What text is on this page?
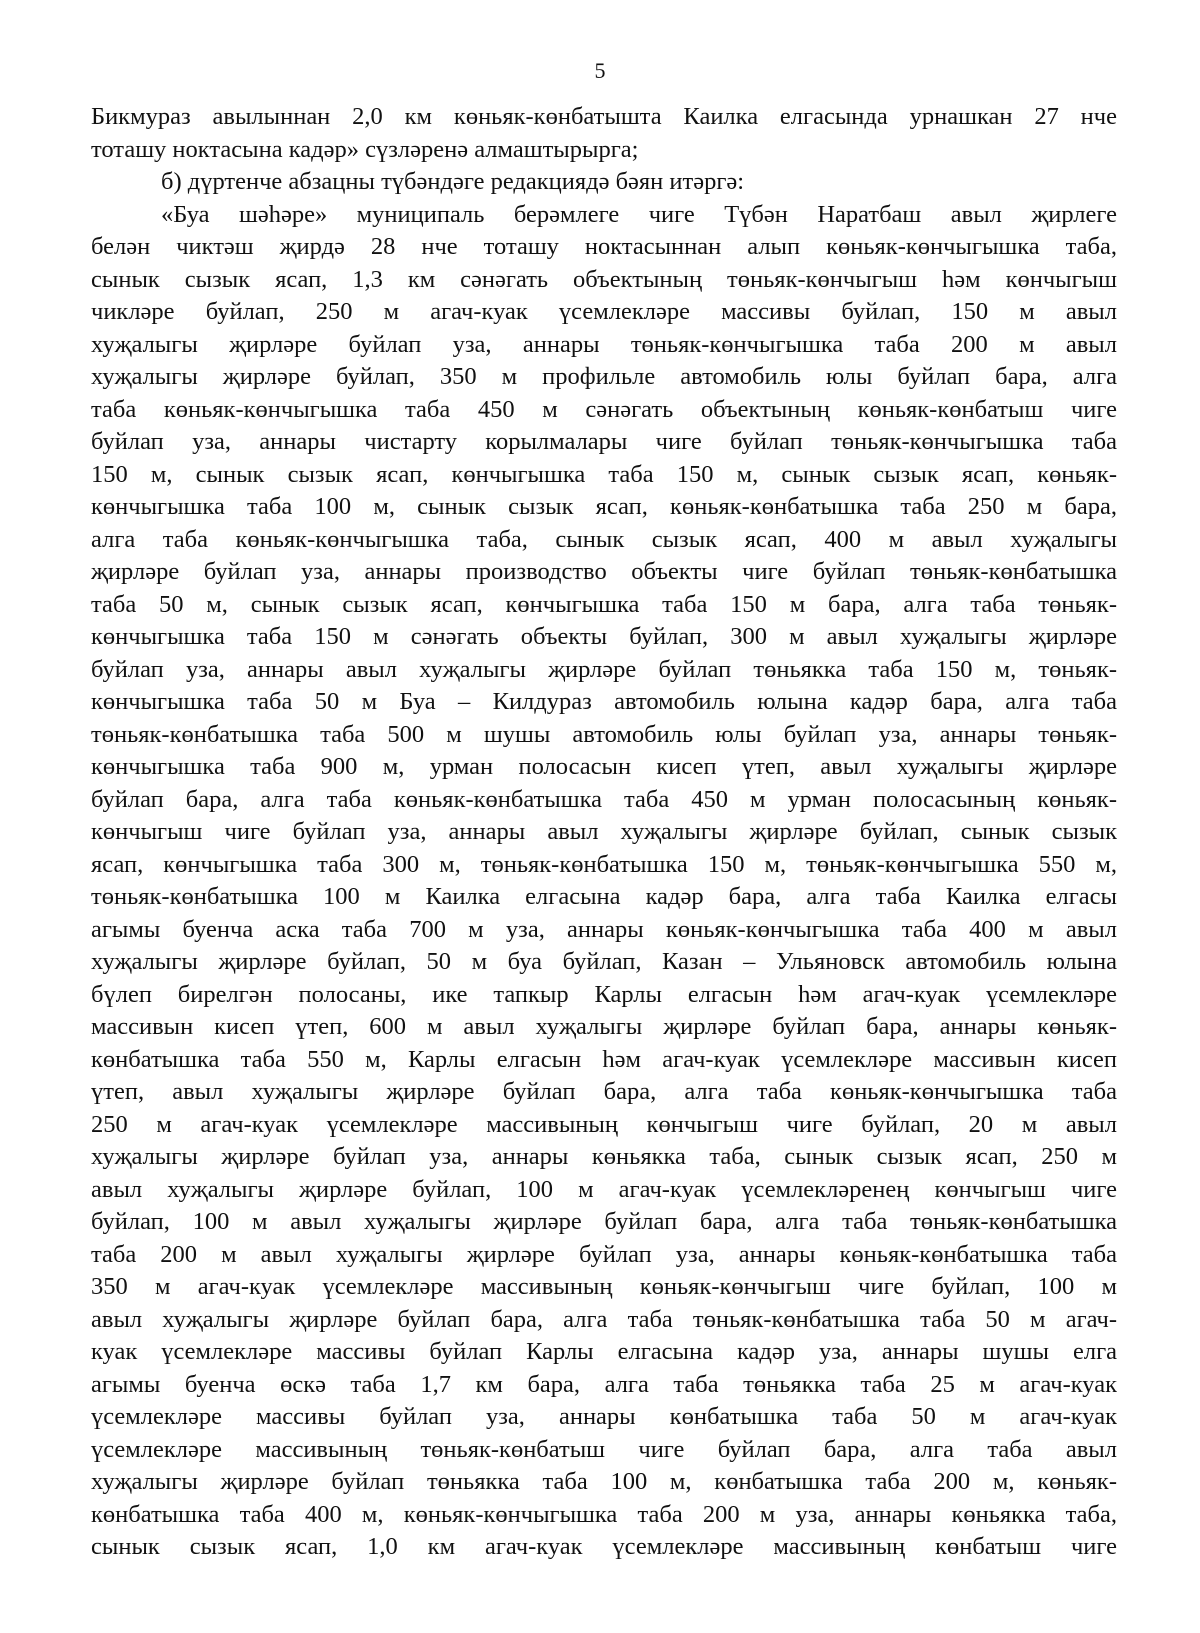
5
Бикмураз авылыннан 2,0 км көньяк-көнбатышта Каилка елгасында урнашкан 27 нче
тоташу ноктасына кадәр» сүзләренә алмаштырырга;
б) дүртенче абзацны түбәндәге редакциядә бәян итәргә:
«Буа шәһәре» муниципаль берәмлеге чиге Түбән Наратбаш авыл җирлеге
белән чиктәш җирдә 28 нче тоташу ноктасыннан алып көньяк-көнчыгышка таба,
сынык сызык ясап, 1,3 км сәнәгать объектының төньяк-көнчыгыш һәм көнчыгыш
чикләре буйлап, 250 м агач-куак үсемлекләре массивы буйлап, 150 м авыл
хуҗалыгы җирләре буйлап уза, аннары төньяк-көнчыгышка таба 200 м авыл
хуҗалыгы җирләре буйлап, 350 м профильле автомобиль юлы буйлап бара, алга
таба көньяк-көнчыгышка таба 450 м сәнәгать объектының көньяк-көнбатыш чиге
буйлап уза, аннары чистарту корылмалары чиге буйлап төньяк-көнчыгышка таба
150 м, сынык сызык ясап, көнчыгышка таба 150 м, сынык сызык ясап, көньяк-
көнчыгышка таба 100 м, сынык сызык ясап, көньяк-көнбатышка таба 250 м бара,
алга таба көньяк-көнчыгышка таба, сынык сызык ясап, 400 м авыл хуҗалыгы
җирләре буйлап уза, аннары производство объекты чиге буйлап төньяк-көнбатышка
таба 50 м, сынык сызык ясап, көнчыгышка таба 150 м бара, алга таба төньяк-
көнчыгышка таба 150 м сәнәгать объекты буйлап, 300 м авыл хуҗалыгы җирләре
буйлап уза, аннары авыл хуҗалыгы җирләре буйлап төньякка таба 150 м, төньяк-
көнчыгышка таба 50 м Буа – Килдураз автомобиль юлына кадәр бара, алга таба
төньяк-көнбатышка таба 500 м шушы автомобиль юлы буйлап уза, аннары төньяк-
көнчыгышка таба 900 м, урман полосасын кисеп үтеп, авыл хуҗалыгы җирләре
буйлап бара, алга таба көньяк-көнбатышка таба 450 м урман полосасының көньяк-
көнчыгыш чиге буйлап уза, аннары авыл хуҗалыгы җирләре буйлап, сынык сызык
ясап, көнчыгышка таба 300 м, төньяк-көнбатышка 150 м, төньяк-көнчыгышка 550 м,
төньяк-көнбатышка 100 м Каилка елгасына кадәр бара, алга таба Каилка елгасы
агымы буенча аска таба 700 м уза, аннары көньяк-көнчыгышка таба 400 м авыл
хуҗалыгы җирләре буйлап, 50 м буа буйлап, Казан – Ульяновск автомобиль юлына
бүлеп бирелгән полосаны, ике тапкыр Карлы елгасын һәм агач-куак үсемлекләре
массивын кисеп үтеп, 600 м авыл хуҗалыгы җирләре буйлап бара, аннары көньяк-
көнбатышка таба 550 м, Карлы елгасын һәм агач-куак үсемлекләре массивын кисеп
үтеп, авыл хуҗалыгы җирләре буйлап бара, алга таба көньяк-көнчыгышка таба
250 м агач-куак үсемлекләре массивының көнчыгыш чиге буйлап, 20 м авыл
хуҗалыгы җирләре буйлап уза, аннары көньякка таба, сынык сызык ясап, 250 м
авыл хуҗалыгы җирләре буйлап, 100 м агач-куак үсемлекләренең көнчыгыш чиге
буйлап, 100 м авыл хуҗалыгы җирләре буйлап бара, алга таба төньяк-көнбатышка
таба 200 м авыл хуҗалыгы җирләре буйлап уза, аннары көньяк-көнбатышка таба
350 м агач-куак үсемлекләре массивының көньяк-көнчыгыш чиге буйлап, 100 м
авыл хуҗалыгы җирләре буйлап бара, алга таба төньяк-көнбатышка таба 50 м агач-
куак үсемлекләре массивы буйлап Карлы елгасына кадәр уза, аннары шушы елга
агымы буенча өскә таба 1,7 км бара, алга таба төньякка таба 25 м агач-куак
үсемлекләре массивы буйлап уза, аннары көнбатышка таба 50 м агач-куак
үсемлекләре массивының төньяк-көнбатыш чиге буйлап бара, алга таба авыл
хуҗалыгы җирләре буйлап төньякка таба 100 м, көнбатышка таба 200 м, көньяк-
көнбатышка таба 400 м, көньяк-көнчыгышка таба 200 м уза, аннары көньякка таба,
сынык сызык ясап, 1,0 км агач-куак үсемлекләре массивының көнбатыш чиге
